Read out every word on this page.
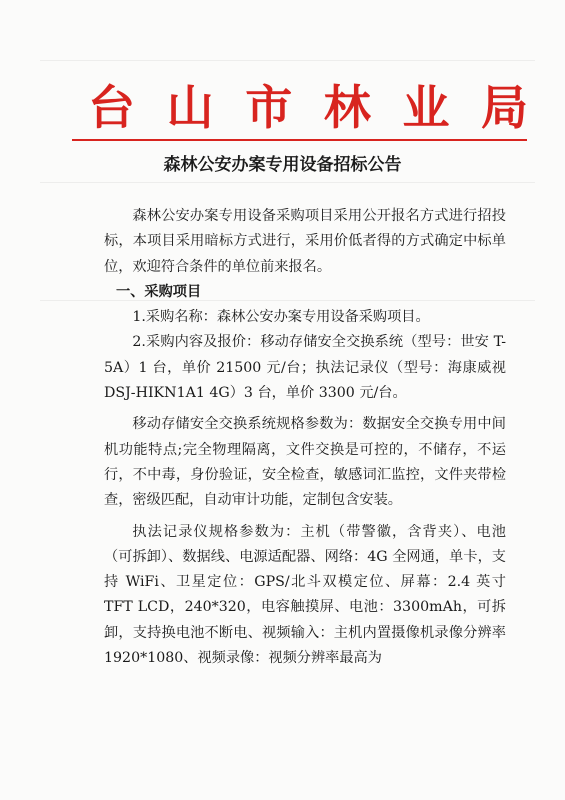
台 山 市 林 业 局
森林公安办案专用设备招标公告

森林公安办案专用设备采购项目采用公开报名方式进行招投标，本项目采用暗标方式进行，采用价低者得的方式确定中标单位，欢迎符合条件的单位前来报名。

一、采购项目

1.采购名称：森林公安办案专用设备采购项目。

2.采购内容及报价：移动存储安全交换系统（型号：世安 T-5A）1 台，单价 21500 元/台；执法记录仪（型号：海康威视 DSJ-HIKN1A1 4G）3 台，单价 3300 元/台。

移动存储安全交换系统规格参数为：数据安全交换专用中间机功能特点;完全物理隔离，文件交换是可控的，不储存，不运行，不中毒，身份验证，安全检查，敏感词汇监控，文件夹带检查，密级匹配，自动审计功能，定制包含安装。

执法记录仪规格参数为：主机（带警徽，含背夹）、电池（可拆卸）、数据线、电源适配器、网络：4G 全网通，单卡，支持 WiFi、卫星定位：GPS/北斗双模定位、屏幕：2.4 英寸 TFT LCD，240*320，电容触摸屏、电池：3300mAh，可拆卸，支持换电池不断电、视频输入：主机内置摄像机录像分辨率 1920*1080、视频录像：视频分辨率最高为
